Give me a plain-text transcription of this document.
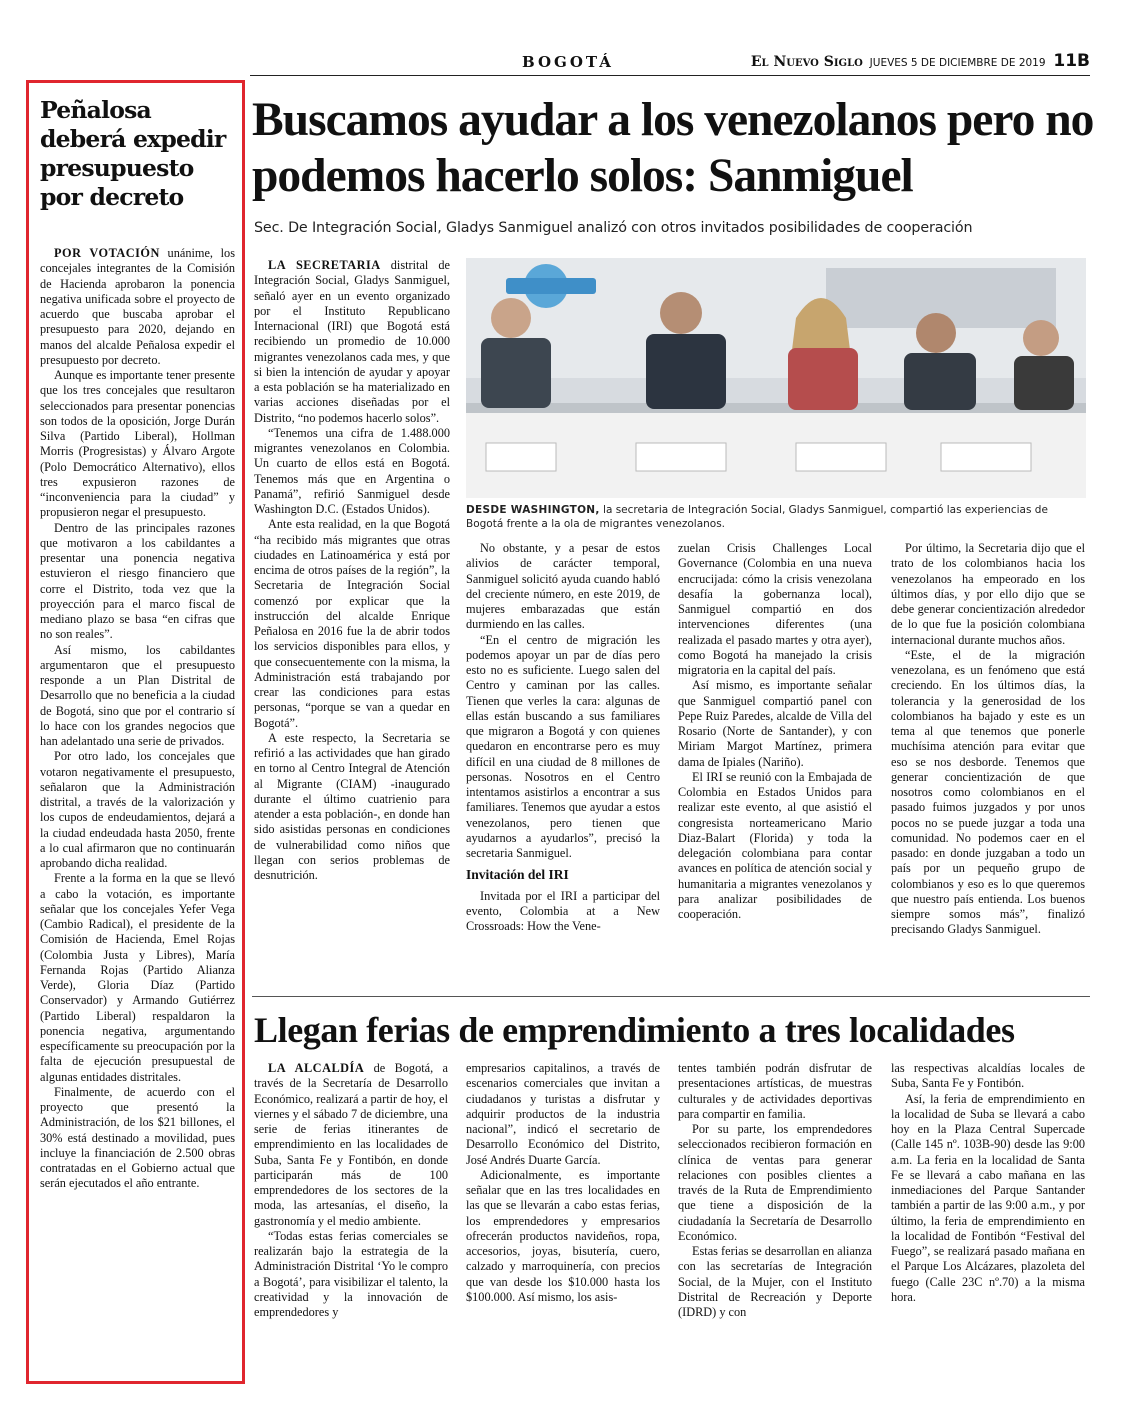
BOGOTÁ	El Nuevo Siglo JUEVES 5 DE DICIEMBRE DE 2019 11B
Peñalosa deberá expedir presupuesto por decreto

POR VOTACIÓN unánime, los concejales integrantes de la Comisión de Hacienda aprobaron la ponencia negativa unificada sobre el proyecto de acuerdo que buscaba aprobar el presupuesto para 2020, dejando en manos del alcalde Peñalosa expedir el presupuesto por decreto.

Aunque es importante tener presente que los tres concejales que resultaron seleccionados para presentar ponencias son todos de la oposición, Jorge Durán Silva (Partido Liberal), Hollman Morris (Progresistas) y Álvaro Argote (Polo Democrático Alternativo), ellos tres expusieron razones de “inconveniencia para la ciudad” y propusieron negar el presupuesto.

Dentro de las principales razones que motivaron a los cabildantes a presentar una ponencia negativa estuvieron el riesgo financiero que corre el Distrito, toda vez que la proyección para el marco fiscal de mediano plazo se basa “en cifras que no son reales”.

Así mismo, los cabildantes argumentaron que el presupuesto responde a un Plan Distrital de Desarrollo que no beneficia a la ciudad de Bogotá, sino que por el contrario sí lo hace con los grandes negocios que han adelantado una serie de privados.

Por otro lado, los concejales que votaron negativamente el presupuesto, señalaron que la Administración distrital, a través de la valorización y los cupos de endeudamientos, dejará a la ciudad endeudada hasta 2050, frente a lo cual afirmaron que no continuarán aprobando dicha realidad.

Frente a la forma en la que se llevó a cabo la votación, es importante señalar que los concejales Yefer Vega (Cambio Radical), el presidente de la Comisión de Hacienda, Emel Rojas (Colombia Justa y Libres), María Fernanda Rojas (Partido Alianza Verde), Gloria Díaz (Partido Conservador) y Armando Gutiérrez (Partido Liberal) respaldaron la ponencia negativa, argumentando específicamente su preocupación por la falta de ejecución presupuestal de algunas entidades distritales.

Finalmente, de acuerdo con el proyecto que presentó la Administración, de los $21 billones, el 30% está destinado a movilidad, pues incluye la financiación de 2.500 obras contratadas en el Gobierno actual que serán ejecutados el año entrante.

Buscamos ayudar a los venezolanos pero no podemos hacerlo solos: Sanmiguel
Sec. De Integración Social, Gladys Sanmiguel analizó con otros invitados posibilidades de cooperación

LA SECRETARIA distrital de Integración Social, Gladys Sanmiguel, señaló ayer en un evento organizado por el Instituto Republicano Internacional (IRI) que Bogotá está recibiendo un promedio de 10.000 migrantes venezolanos cada mes, y que si bien la intención de ayudar y apoyar a esta población se ha materializado en varias acciones diseñadas por el Distrito, “no podemos hacerlo solos”.

“Tenemos una cifra de 1.488.000 migrantes venezolanos en Colombia. Un cuarto de ellos está en Bogotá. Tenemos más que en Argentina o Panamá”, refirió Sanmiguel desde Washington D.C. (Estados Unidos).

Ante esta realidad, en la que Bogotá “ha recibido más migrantes que otras ciudades en Latinoamérica y está por encima de otros países de la región”, la Secretaria de Integración Social comenzó por explicar que la instrucción del alcalde Enrique Peñalosa en 2016 fue la de abrir todos los servicios disponibles para ellos, y que consecuentemente con la misma, la Administración está trabajando por crear las condiciones para estas personas, “porque se van a quedar en Bogotá”.

A este respecto, la Secretaria se refirió a las actividades que han girado en torno al Centro Integral de Atención al Migrante (CIAM) -inaugurado durante el último cuatrienio para atender a esta población-, en donde han sido asistidas personas en condiciones de vulnerabilidad como niños que llegan con serios problemas de desnutrición.

DESDE WASHINGTON, la secretaria de Integración Social, Gladys Sanmiguel, compartió las experiencias de Bogotá frente a la ola de migrantes venezolanos.

No obstante, y a pesar de estos alivios de carácter temporal, Sanmiguel solicitó ayuda cuando habló del creciente número, en este 2019, de mujeres embarazadas que están durmiendo en las calles.

“En el centro de migración les podemos apoyar un par de días pero esto no es suficiente. Luego salen del Centro y caminan por las calles. Tienen que verles la cara: algunas de ellas están buscando a sus familiares que migraron a Bogotá y con quienes quedaron en encontrarse pero es muy difícil en una ciudad de 8 millones de personas. Nosotros en el Centro intentamos asistirlos a encontrar a sus familiares. Tenemos que ayudar a estos venezolanos, pero tienen que ayudarnos a ayudarlos”, precisó la secretaria Sanmiguel.

Invitación del IRI

Invitada por el IRI a participar del evento, Colombia at a New Crossroads: How the Vene-

zuelan Crisis Challenges Local Governance (Colombia en una nueva encrucijada: cómo la crisis venezolana desafía la gobernanza local), Sanmiguel compartió en dos intervenciones diferentes (una realizada el pasado martes y otra ayer), como Bogotá ha manejado la crisis migratoria en la capital del país.

Así mismo, es importante señalar que Sanmiguel compartió panel con Pepe Ruiz Paredes, alcalde de Villa del Rosario (Norte de Santander), y con Miriam Margot Martínez, primera dama de Ipiales (Nariño).

El IRI se reunió con la Embajada de Colombia en Estados Unidos para realizar este evento, al que asistió el congresista norteamericano Mario Diaz-Balart (Florida) y toda la delegación colombiana para contar avances en política de atención social y humanitaria a migrantes venezolanos y para analizar posibilidades de cooperación.

Por último, la Secretaria dijo que el trato de los colombianos hacia los venezolanos ha empeorado en los últimos días, y por ello dijo que se debe generar concientización alrededor de lo que fue la posición colombiana internacional durante muchos años.

“Este, el de la migración venezolana, es un fenómeno que está creciendo. En los últimos días, la tolerancia y la generosidad de los colombianos ha bajado y este es un tema al que tenemos que ponerle muchísima atención para evitar que eso se nos desborde. Tenemos que generar concientización de que nosotros como colombianos en el pasado fuimos juzgados y por unos pocos no se puede juzgar a toda una comunidad. No podemos caer en el pasado: en donde juzgaban a todo un país por un pequeño grupo de colombianos y eso es lo que queremos que nuestro país entienda. Los buenos siempre somos más”, finalizó precisando Gladys Sanmiguel.

Llegan ferias de emprendimiento a tres localidades

LA ALCALDÍA de Bogotá, a través de la Secretaría de Desarrollo Económico, realizará a partir de hoy, el viernes y el sábado 7 de diciembre, una serie de ferias itinerantes de emprendimiento en las localidades de Suba, Santa Fe y Fontibón, en donde participarán más de 100 emprendedores de los sectores de la moda, las artesanías, el diseño, la gastronomía y el medio ambiente.

“Todas estas ferias comerciales se realizarán bajo la estrategia de la Administración Distrital ‘Yo le compro a Bogotá’, para visibilizar el talento, la creatividad y la innovación de emprendedores y

empresarios capitalinos, a través de escenarios comerciales que invitan a ciudadanos y turistas a disfrutar y adquirir productos de la industria nacional”, indicó el secretario de Desarrollo Económico del Distrito, José Andrés Duarte García.

Adicionalmente, es importante señalar que en las tres localidades en las que se llevarán a cabo estas ferias, los emprendedores y empresarios ofrecerán productos navideños, ropa, accesorios, joyas, bisutería, cuero, calzado y marroquinería, con precios que van desde los $10.000 hasta los $100.000. Así mismo, los asis-

tentes también podrán disfrutar de presentaciones artísticas, de muestras culturales y de actividades deportivas para compartir en familia.

Por su parte, los emprendedores seleccionados recibieron formación en clínica de ventas para generar relaciones con posibles clientes a través de la Ruta de Emprendimiento que tiene a disposición de la ciudadanía la Secretaría de Desarrollo Económico.

Estas ferias se desarrollan en alianza con las secretarías de Integración Social, de la Mujer, con el Instituto Distrital de Recreación y Deporte (IDRD) y con

las respectivas alcaldías locales de Suba, Santa Fe y Fontibón.

Así, la feria de emprendimiento en la localidad de Suba se llevará a cabo hoy en la Plaza Central Supercade (Calle 145 nº. 103B-90) desde las 9:00 a.m. La feria en la localidad de Santa Fe se llevará a cabo mañana en las inmediaciones del Parque Santander también a partir de las 9:00 a.m., y por último, la feria de emprendimiento en la localidad de Fontibón “Festival del Fuego”, se realizará pasado mañana en el Parque Los Alcázares, plazoleta del fuego (Calle 23C nº.70) a la misma hora.
